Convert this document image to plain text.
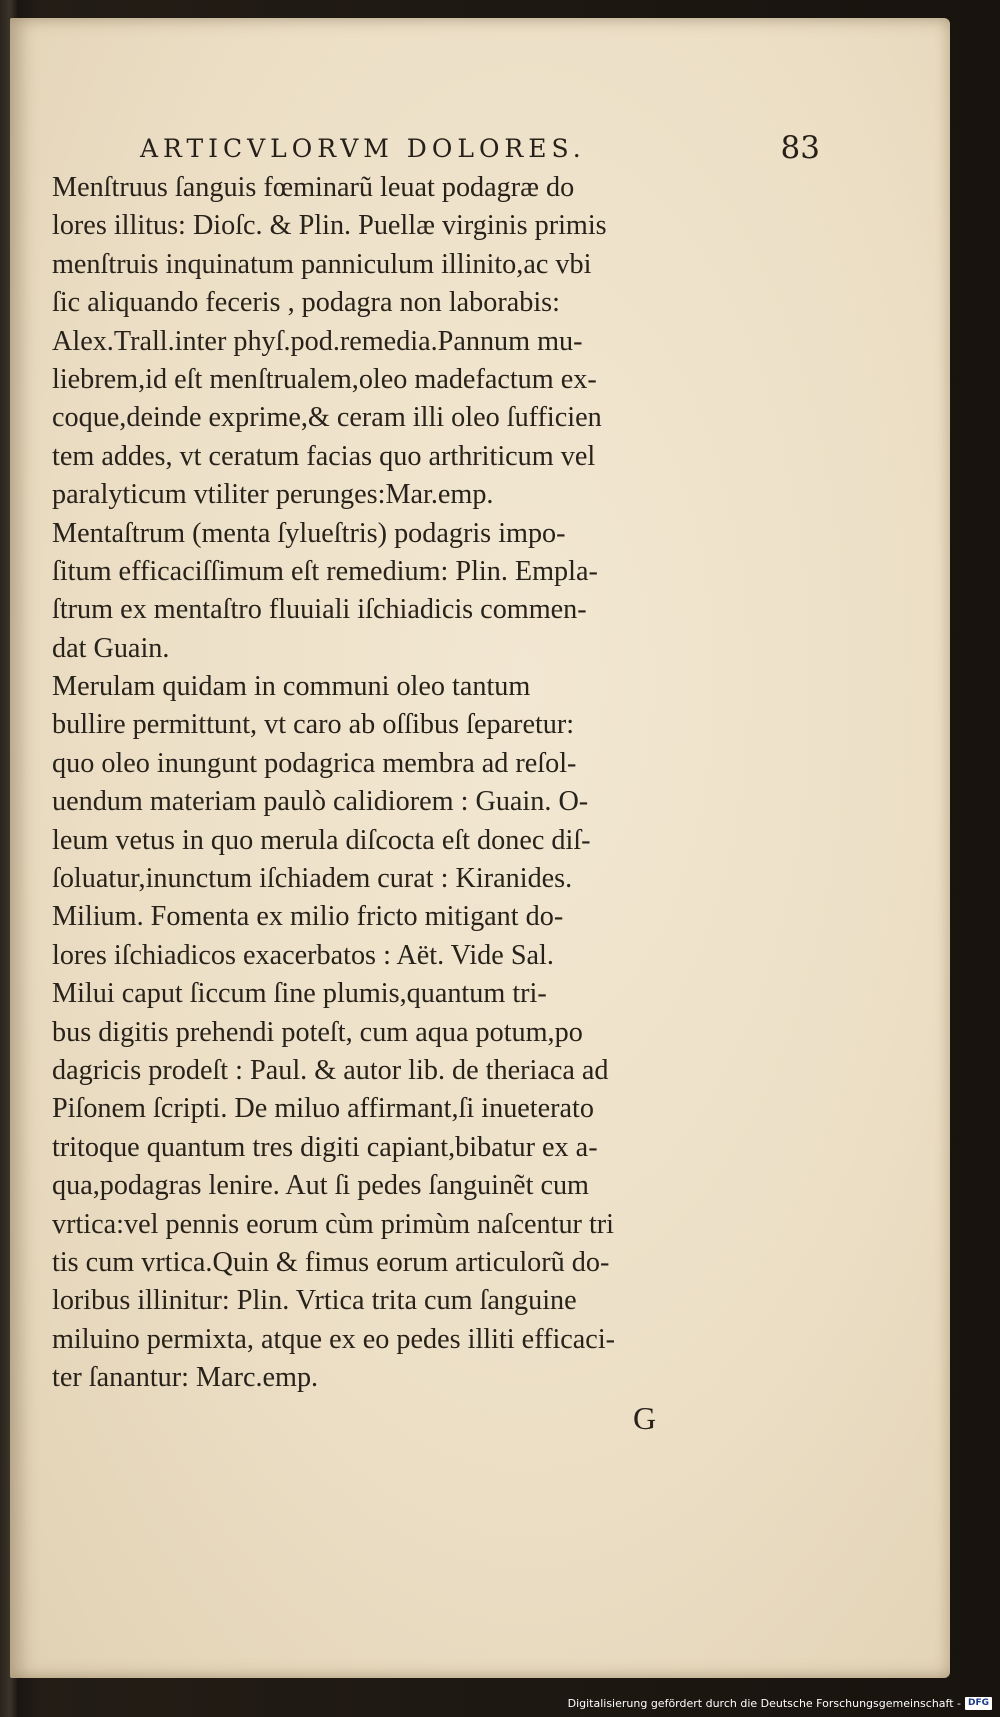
ARTICVLORVM DOLORES.	83
Menſtruus ſanguis fœminarũ leuat podagræ do
lores illitus: Dioſc. & Plin. Puellæ virginis primis
menſtruis inquinatum panniculum illinito,ac vbi
ſic aliquando feceris , podagra non laborabis:
Alex.Trall.inter phyſ.pod.remedia.Pannum mu-
liebrem,id eſt menſtrualem,oleo madefactum ex-
coque,deinde exprime,& ceram illi oleo ſufficien
tem addes, vt ceratum facias quo arthriticum vel
paralyticum vtiliter perunges:Mar.emp.
Mentaſtrum (menta ſylueſtris) podagris impo-
ſitum efficaciſſimum eſt remedium: Plin. Empla-
ſtrum ex mentaſtro fluuiali iſchiadicis commen-
dat Guain.
Merulam quidam in communi oleo tantum
bullire permittunt, vt caro ab oſſibus ſeparetur:
quo oleo inungunt podagrica membra ad reſol-
uendum materiam paulò calidiorem : Guain. O-
leum vetus in quo merula diſcocta eſt donec diſ-
ſoluatur,inunctum iſchiadem curat : Kiranides.
Milium. Fomenta ex milio fricto mitigant do-
lores iſchiadicos exacerbatos : Aët. Vide Sal.
Milui caput ſiccum ſine plumis,quantum tri-
bus digitis prehendi poteſt, cum aqua potum,po
dagricis prodeſt : Paul. & autor lib. de theriaca ad
Piſonem ſcripti. De miluo affirmant,ſi inueterato
tritoque quantum tres digiti capiant,bibatur ex a-
qua,podagras lenire. Aut ſi pedes ſanguinẽt cum
vrtica:vel pennis eorum cùm primùm naſcentur tri
tis cum vrtica.Quin & fimus eorum articulorũ do-
loribus illinitur: Plin. Vrtica trita cum ſanguine
miluino permixta, atque ex eo pedes illiti efficaci-
ter ſanantur: Marc.emp.
G
Digitalisierung gefördert durch die Deutsche Forschungsgemeinschaft - DFG
